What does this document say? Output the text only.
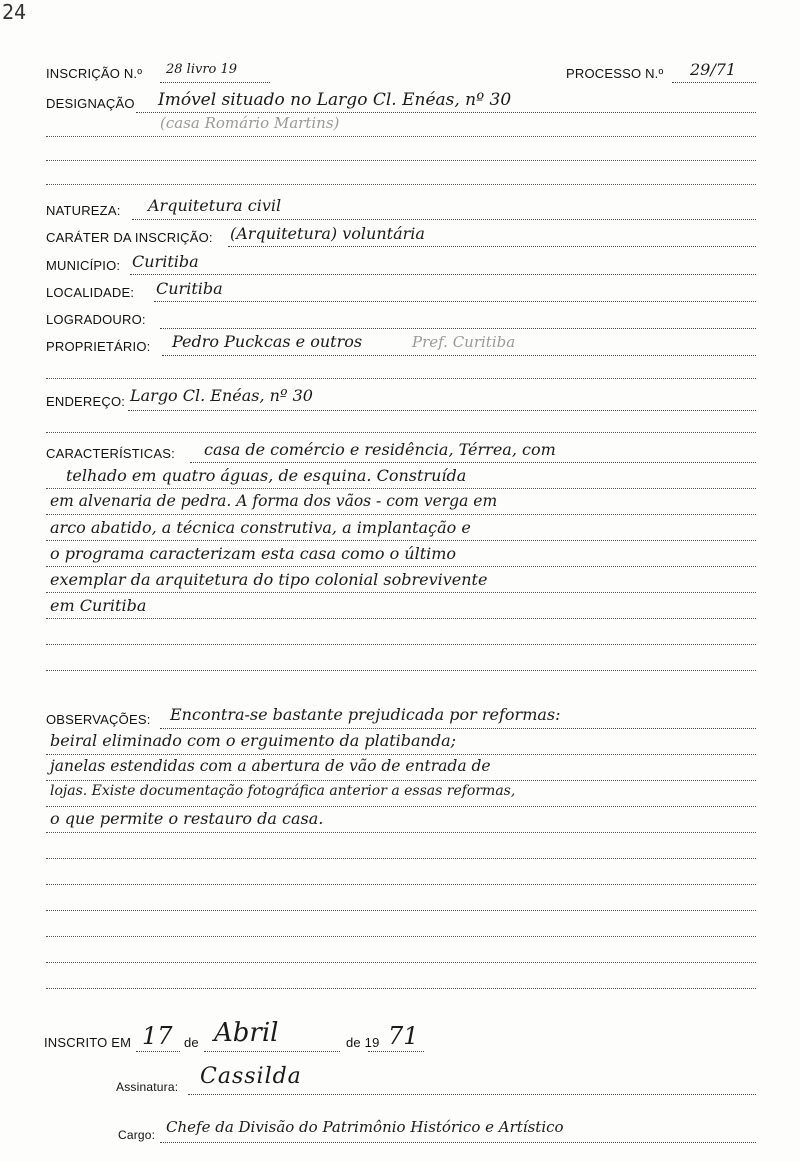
24
INSCRIÇÃO N.º 28 livro 19	PROCESSO N.º 29/71
DESIGNAÇÃO Imóvel situado no Largo Cl. Enéas, nº 30
(casa Romário Martins)
NATUREZA: Arquitetura civil
CARÁTER DA INSCRIÇÃO: (Arquitetura) voluntária
MUNICÍPIO: Curitiba
LOCALIDADE: Curitiba
LOGRADOURO:
PROPRIETÁRIO: Pedro Puckcas e outros	Pref. Curitiba
ENDEREÇO: Largo Cl. Enéas, nº 30
CARACTERÍSTICAS: casa de comércio e residência, Térrea, com
telhado em quatro águas, de esquina. Construída
em alvenaria de pedra. A forma dos vãos - com verga em
arco abatido, a técnica construtiva, a implantação e
o programa caracterizam esta casa como o último
exemplar da arquitetura do tipo colonial sobrevivente
em Curitiba
OBSERVAÇÕES: Encontra-se bastante prejudicada por reformas:
beiral eliminado com o erguimento da platibanda;
janelas estendidas com a abertura de vão de entrada de
lojas. Existe documentação fotográfica anterior a essas reformas,
o que permite o restauro da casa.
INSCRITO EM 17 de Abril	de 19 71
Assinatura: Cassilda
Cargo: Chefe da Divisão do Patrimônio Histórico e Artístico
